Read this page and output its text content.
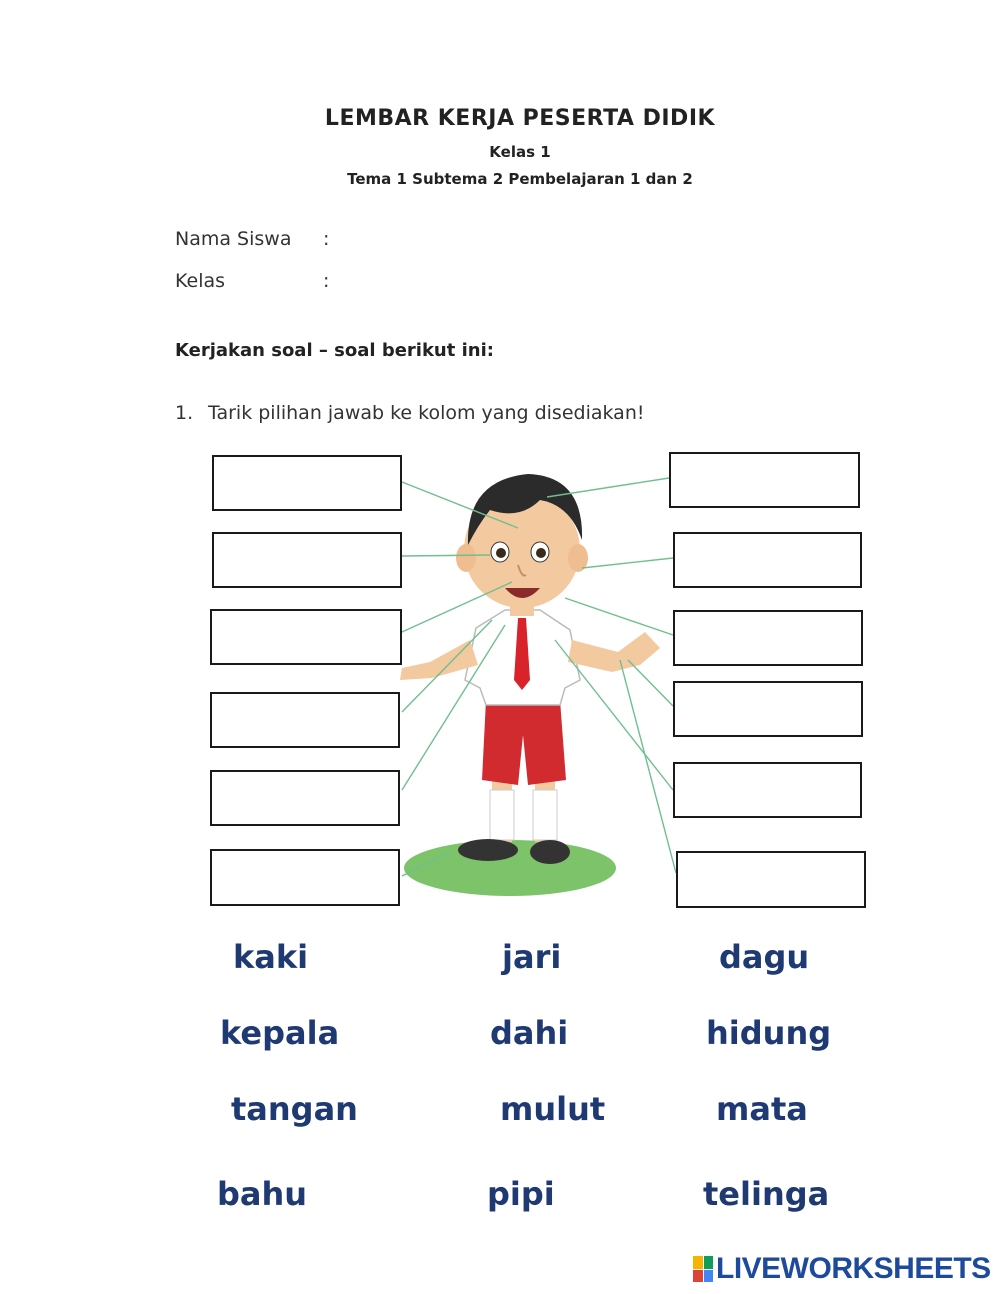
LEMBAR KERJA PESERTA DIDIK
Kelas 1
Tema 1 Subtema 2 Pembelajaran 1 dan 2
Nama Siswa :
Kelas	:
Kerjakan soal – soal berikut ini:
1. Tarik pilihan jawab ke kolom yang disediakan!
kaki	jari	dagu
kepala	dahi	hidung
tangan	mulut	mata
bahu	pipi	telinga
LIVEWORKSHEETS
